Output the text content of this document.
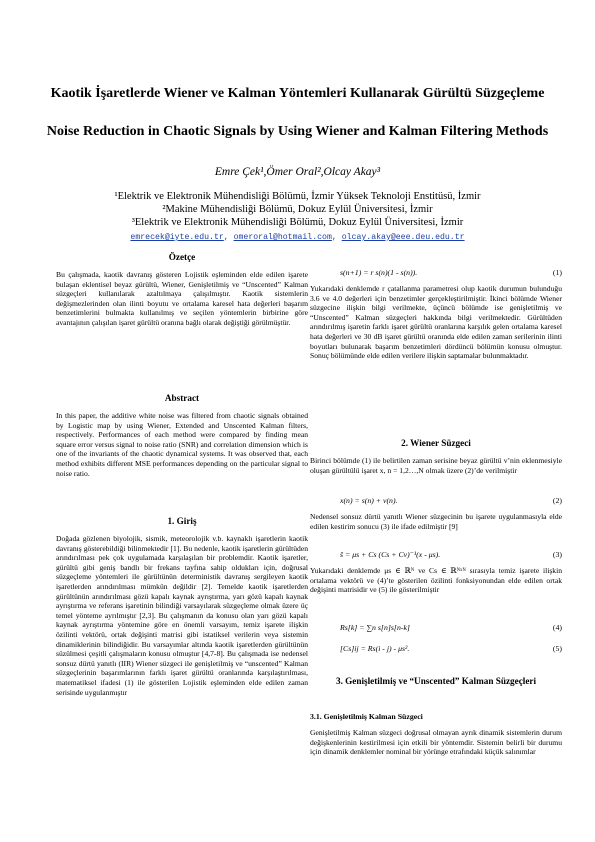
Kaotik İşaretlerde Wiener ve Kalman Yöntemleri Kullanarak Gürültü Süzgeçleme
Noise Reduction in Chaotic Signals by Using Wiener and Kalman Filtering Methods
Emre Çek¹,Ömer Oral²,Olcay Akay³
¹Elektrik ve Elektronik Mühendisliği Bölümü, İzmir Yüksek Teknoloji Enstitüsü, İzmir
²Makine Mühendisliği Bölümü, Dokuz Eylül Üniversitesi, İzmir
³Elektrik ve Elektronik Mühendisliği Bölümü, Dokuz Eylül Üniversitesi, İzmir
emrecek@iyte.edu.tr, omeroral@hotmail.com, olcay.akay@eee.deu.edu.tr
Özetçe
Bu çalışmada, kaotik davranış gösteren Lojistik eşleminden elde edilen işarete bulaşan eklentisel beyaz gürültü, Wiener, Genişletilmiş ve “Unscented” Kalman süzgeçleri kullanılarak azaltılmaya çalışılmıştır. Kaotik sistemlerin değişmezlerinden olan ilinti boyutu ve ortalama karesel hata değerleri başarım benzetimlerini bulmakta kullanılmış ve seçilen yöntemlerin birbirine göre avantajının çalışılan işaret gürültü oranına bağlı olarak değiştiği görülmüştür.
Abstract
In this paper, the additive white noise was filtered from chaotic signals obtained by Logistic map by using Wiener, Extended and Unscented Kalman filters, respectively. Performances of each method were compared by finding mean square error versus signal to noise ratio (SNR) and correlation dimension which is one of the invariants of the chaotic dynamical systems. It was observed that, each method exhibits different MSE performances depending on the particular signal to noise ratio.
1. Giriş
Doğada gözlenen biyolojik, sismik, meteorolojik v.b. kaynaklı işaretlerin kaotik davranış gösterebildiği bilinmektedir [1]. Bu nedenle, kaotik işaretlerin gürültüden arındırılması pek çok uygulamada karşılaşılan bir problemdir. Kaotik işaretler, gürültü gibi geniş bandlı bir frekans tayfına sahip oldukları için, doğrusal süzgeçleme yöntemleri ile gürültünün deterministik davranış sergileyen kaotik işaretlerden arındırılması mümkün değildir [2]. Temelde kaotik işaretlerden gürültünün arındırılması gözü kapalı kaynak ayrıştırma, yarı gözü kapalı kaynak ayrıştırma ve referans işaretinin bilindiği varsayılarak süzgeçleme olmak üzere üç temel yönteme ayrılmıştır [2,3]. Bu çalışmanın da konusu olan yarı gözü kapalı kaynak ayrıştırma yöntemine göre en önemli varsayım, temiz işarete ilişkin özilinti vektörü, ortak değişinti matrisi gibi istatiksel verilerin veya sistemin dinamiklerinin bilindiğidir. Bu varsayımlar altında kaotik işaretlerden gürültünün süzülmesi çeşitli çalışmaların konusu olmuştur [4,7-8]. Bu çalışmada ise nedensel sonsuz dürtü yanıtlı (IIR) Wiener süzgeci ile genişletilmiş ve “unscented” Kalman süzgeçlerinin başarımlarının farklı işaret gürültü oranlarında karşılaştırılması, matematiksel ifadesi (1) ile gösterilen Lojistik eşleminden elde edilen zaman serisinde uygulanmıştır
s(n+1) = r s(n)(1 - s(n)).	(1)
Yukarıdaki denklemde r çatallanma parametresi olup kaotik durumun bulunduğu 3.6 ve 4.0 değerleri için benzetimler gerçekleştirilmiştir. İkinci bölümde Wiener süzgecine ilişkin bilgi verilmekte, üçüncü bölümde ise genişletilmiş ve “Unscented” Kalman süzgeçleri hakkında bilgi verilmektedir. Gürültüden arındırılmış işaretin farklı işaret gürültü oranlarına karşılık gelen ortalama karesel hata değerleri ve 30 dB işaret gürültü oranında elde edilen zaman serilerinin ilinti boyutları bulunarak başarım benzetimleri dördüncü bölümün konusu olmuştur. Sonuç bölümünde elde edilen verilere ilişkin saptamalar bulunmaktadır.
2. Wiener Süzgeci
Birinci bölümde (1) ile belirtilen zaman serisine beyaz gürültü v’nin eklenmesiyle oluşan gürültülü işaret x, n = 1,2…,N olmak üzere (2)’de verilmiştir
x(n) = s(n) + v(n).	(2)
Nedensel sonsuz dürtü yanıtlı Wiener süzgecinin bu işarete uygulanmasıyla elde edilen kestirim sonucu (3) ile ifade edilmiştir [9]
ŝ = μs + Cs (Cs + Cv)⁻¹(x - μs).	(3)
Yukarıdaki denklemde μs ∈ ℝᴺ ve Cs ∈ ℝᴺˣᴺ sırasıyla temiz işarete ilişkin ortalama vektörü ve (4)’te gösterilen özilinti fonksiyonundan elde edilen ortak değişinti matrisidir ve (5) ile gösterilmiştir
Rs[k] = ∑n s[n]s[n-k]	(4)
[Cs]ij = Rs(i - j) - μs².	(5)
3. Genişletilmiş ve “Unscented” Kalman Süzgeçleri
3.1. Genişletilmiş Kalman Süzgeci
Genişletilmiş Kalman süzgeci doğrusal olmayan ayrık dinamik sistemlerin durum değişkenlerinin kestirilmesi için etkili bir yöntemdir. Sistemin belirli bir durumu için dinamik denklemler nominal bir yörünge etrafındaki küçük salınımlar
